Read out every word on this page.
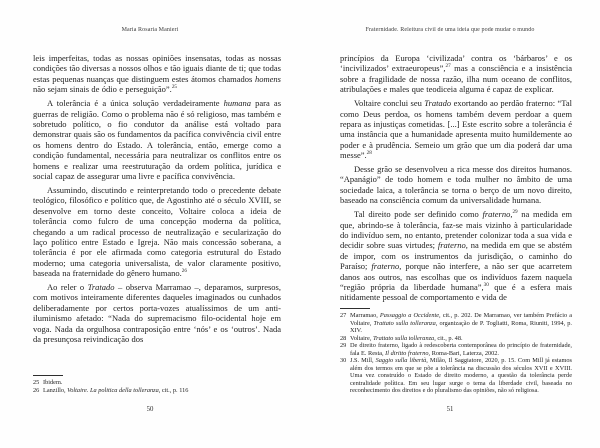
Maria Rosaria Manieri

leis imperfeitas, todas as nossas opiniões insensatas, todas as nossas condições tão diversas a nossos olhos e tão iguais diante de ti; que todas estas pequenas nuanças que distinguem estes átomos chamados homens não sejam sinais de ódio e perseguição”.$^{25}$

A tolerância é a única solução verdadeiramente humana para as guerras de religião. Como o problema não é só religioso, mas também e sobretudo político, o fio condutor da análise está voltado para demonstrar quais são os fundamentos da pacífica convivência civil entre os homens dentro do Estado. A tolerância, então, emerge como a condição fundamental, necessária para neutralizar os conflitos entre os homens e realizar uma reestruturação da ordem política, jurídica e social capaz de assegurar uma livre e pacífica convivência.

Assumindo, discutindo e reinterpretando todo o precedente debate teológico, filosófico e político que, de Agostinho até o século XVIII, se desenvolve em torno deste conceito, Voltaire coloca a ideia de tolerância como fulcro de uma concepção moderna da política, chegando a um radical processo de neutralização e secularização do laço político entre Estado e Igreja. Não mais concessão soberana, a tolerância é por ele afirmada como categoria estrutural do Estado moderno; uma categoria universalista, de valor claramente positivo, baseada na fraternidade do gênero humano.$^{26}$

Ao reler o Tratado – observa Marramao –, deparamos, surpresos, com motivos inteiramente diferentes daqueles imaginados ou cunhados deliberadamente por certos porta-vozes atualíssimos de um anti-iluminismo afetado: “Nada do supremacismo filo-ocidental hoje em voga. Nada da orgulhosa contraposição entre ‘nós’ e os ‘outros’. Nada da presunçosa reivindicação dos

25 Ibidem.
26 Lanzillo, Voltaire. La politica della tolleranza, cit., p. 116
50
Fraternidade. Releitura civil de uma ideia que pode mudar o mundo

princípios da Europa ‘civilizada’ contra os ‘bárbaros’ e os ‘incivilizados’ extraeuropeus”,$^{27}$ mas a consciência e a insistência sobre a fragilidade de nossa razão, ilha num oceano de conflitos, atribulações e males que teodiceia alguma é capaz de explicar.

Voltaire conclui seu Tratado exortando ao perdão fraterno: “Tal como Deus perdoa, os homens também devem perdoar a quem repara as injustiças cometidas. [...] Este escrito sobre a tolerância é uma instância que a humanidade apresenta muito humildemente ao poder e à prudência. Semeio um grão que um dia poderá dar uma messe”.$^{28}$

Desse grão se desenvolveu a rica messe dos direitos humanos. “Apanágio” de todo homem e toda mulher no âmbito de uma sociedade laica, a tolerância se torna o berço de um novo direito, baseado na consciência comum da universalidade humana.

Tal direito pode ser definido como fraterno,$^{29}$ na medida em que, abrindo-se à tolerância, faz-se mais vizinho à particularidade do indivíduo sem, no entanto, pretender colonizar toda a sua vida e decidir sobre suas virtudes; fraterno, na medida em que se abstém de impor, com os instrumentos da jurisdição, o caminho do Paraíso; fraterno, porque não interfere, a não ser que acarretem danos aos outros, nas escolhas que os indivíduos fazem naquela “região própria da liberdade humana”,$^{30}$ que é a esfera mais nitidamente pessoal de comportamento e vida de

27 Marramao, Passaggio a Occidente, cit., p. 202. De Marramao, ver também Prefácio a Voltaire, Trattato sulla tolleranza, organização de P. Togliatti, Roma, Riuniti, 1994, p. XIV.
28 Voltaire, Trattato sulla tolleranza, cit., p. 48.
29 De direito fraterno, ligado à redescoberta contemporânea do princípio de fraternidade, fala E. Resta, Il diritto fraterno, Roma-Bari, Laterza, 2002.
30 J.S. Mill, Saggio sulla libertà, Milão, Il Saggiatore, 2020, p. 15. Com Mill já estamos além dos termos em que se põe a tolerância na discussão dos séculos XVII e XVIII. Uma vez construído o Estado de direito moderno, a questão da tolerância perde centralidade política. Em seu lugar surge o tema da liberdade civil, baseada no reconhecimento dos direitos e do pluralismo das opiniões, não só religiosa.
51
